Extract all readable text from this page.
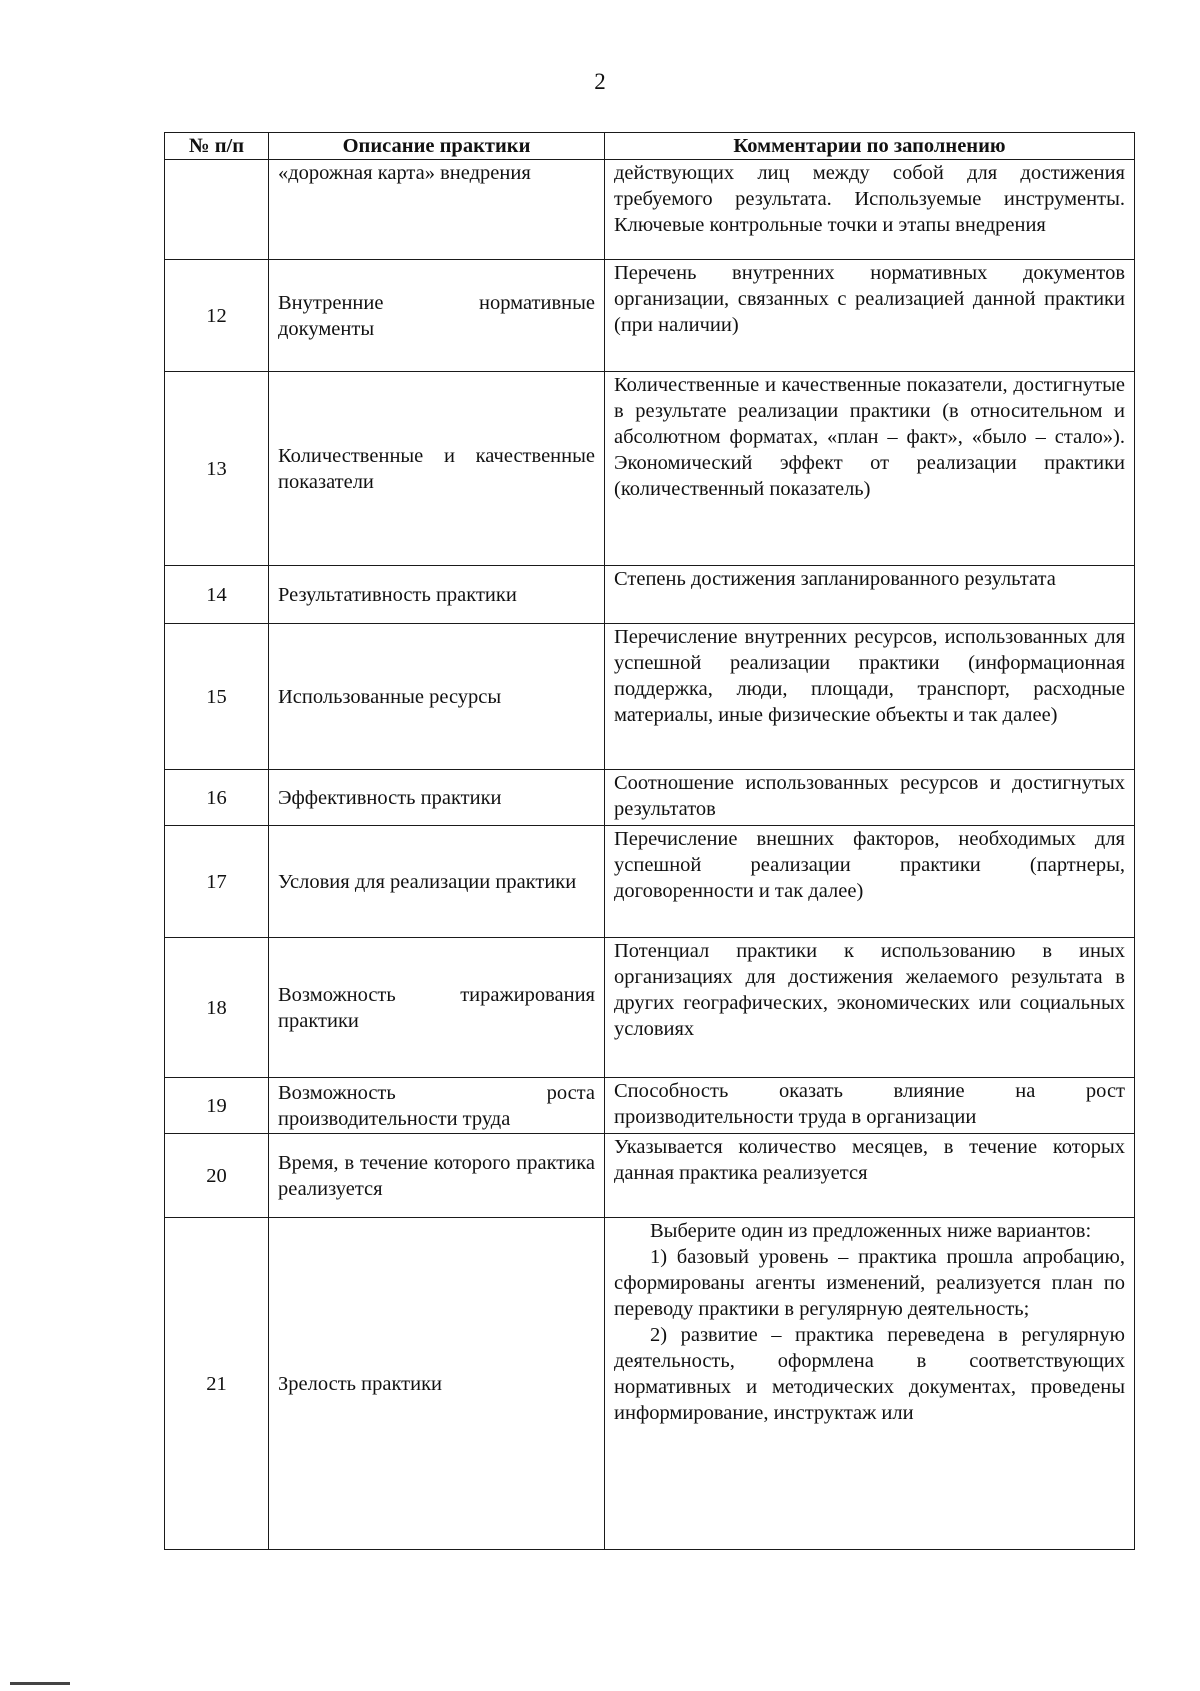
2
№ п/п	Описание практики	Комментарии по заполнению
	«дорожная карта» внедрения	действующих лиц между собой для достижения требуемого результата. Используемые инструменты. Ключевые контрольные точки и этапы внедрения
12	Внутренние нормативные документы	Перечень внутренних нормативных документов организации, связанных с реализацией данной практики (при наличии)
13	Количественные и качественные показатели	Количественные и качественные показатели, достигнутые в результате реализации практики (в относительном и абсолютном форматах, «план – факт», «было – стало»). Экономический эффект от реализации практики (количественный показатель)
14	Результативность практики	Степень достижения запланированного результата
15	Использованные ресурсы	Перечисление внутренних ресурсов, использованных для успешной реализации практики (информационная поддержка, люди, площади, транспорт, расходные материалы, иные физические объекты и так далее)
16	Эффективность практики	Соотношение использованных ресурсов и достигнутых результатов
17	Условия для реализации практики	Перечисление внешних факторов, необходимых для успешной реализации практики (партнеры, договоренности и так далее)
18	Возможность тиражирования практики	Потенциал практики к использованию в иных организациях для достижения желаемого результата в других географических, экономических или социальных условиях
19	Возможность роста производительности труда	Способность оказать влияние на рост производительности труда в организации
20	Время, в течение которого практика реализуется	Указывается количество месяцев, в течение которых данная практика реализуется
21	Зрелость практики	Выберите один из предложенных ниже вариантов:
1) базовый уровень – практика прошла апробацию, сформированы агенты изменений, реализуется план по переводу практики в регулярную деятельность;
2) развитие – практика переведена в регулярную деятельность, оформлена в соответствующих нормативных и методических документах, проведены информирование, инструктаж или
